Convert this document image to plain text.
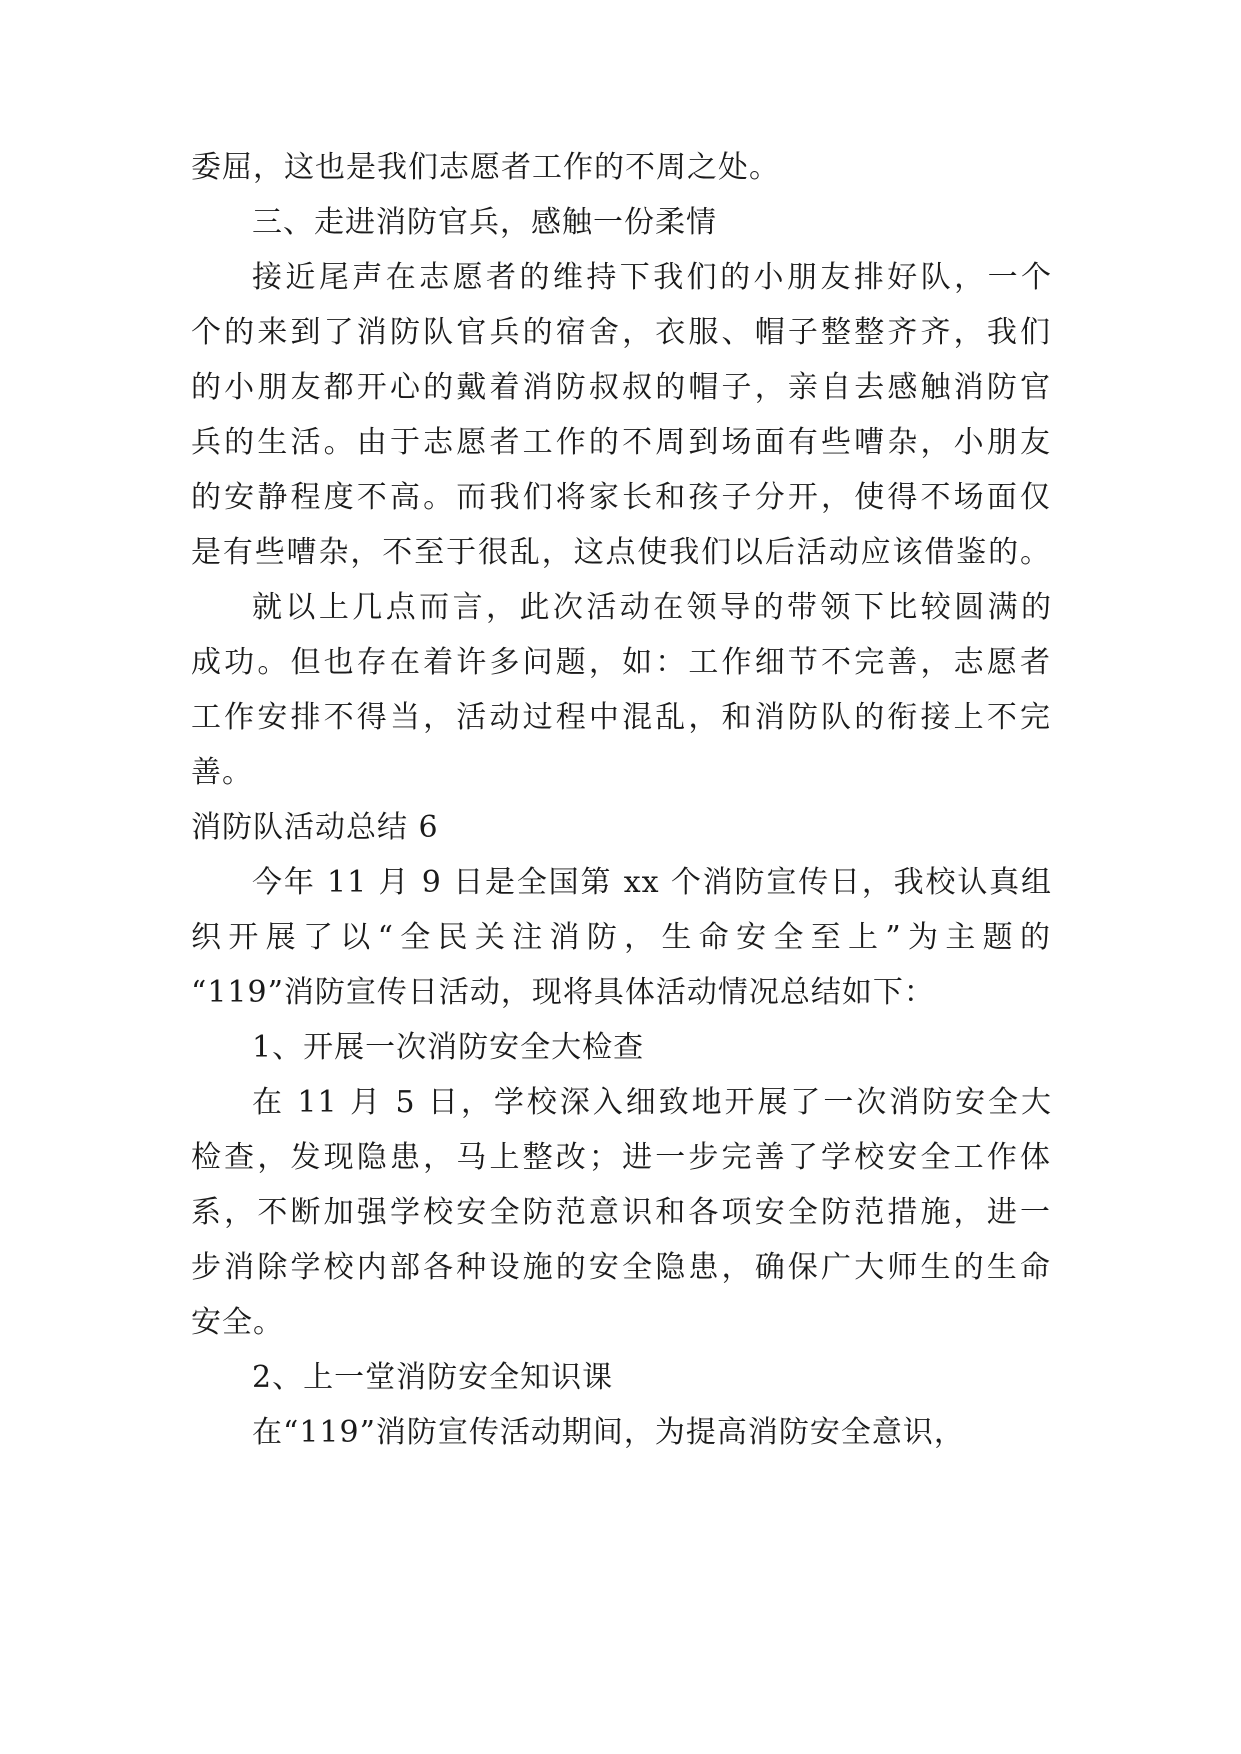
委屈，这也是我们志愿者工作的不周之处。
三、走进消防官兵，感触一份柔情
接近尾声在志愿者的维持下我们的小朋友排好队，一个
个的来到了消防队官兵的宿舍，衣服、帽子整整齐齐，我们
的小朋友都开心的戴着消防叔叔的帽子，亲自去感触消防官
兵的生活。由于志愿者工作的不周到场面有些嘈杂，小朋友
的安静程度不高。而我们将家长和孩子分开，使得不场面仅
是有些嘈杂，不至于很乱，这点使我们以后活动应该借鉴的。
就以上几点而言，此次活动在领导的带领下比较圆满的
成功。但也存在着许多问题，如：工作细节不完善，志愿者
工作安排不得当，活动过程中混乱，和消防队的衔接上不完
善。
消防队活动总结 6
今年 11 月 9 日是全国第 xx 个消防宣传日，我校认真组
织开展了以“全民关注消防，生命安全至上”为主题的
“119”消防宣传日活动，现将具体活动情况总结如下：
1、开展一次消防安全大检查
在 11 月 5 日，学校深入细致地开展了一次消防安全大
检查，发现隐患，马上整改；进一步完善了学校安全工作体
系，不断加强学校安全防范意识和各项安全防范措施，进一
步消除学校内部各种设施的安全隐患，确保广大师生的生命
安全。
2、上一堂消防安全知识课
在“119”消防宣传活动期间，为提高消防安全意识，
